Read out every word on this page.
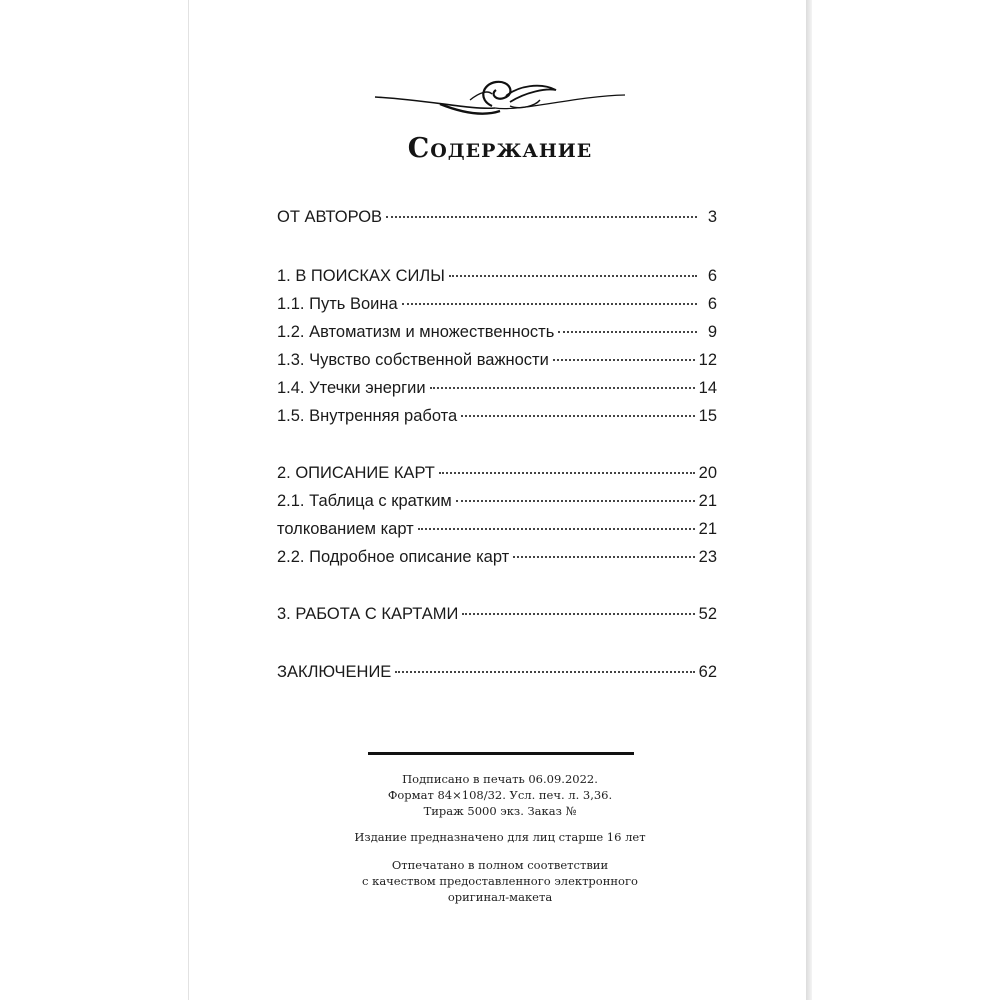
Содержание
ОТ АВТОРОВ	3
1. В ПОИСКАХ СИЛЫ	6
1.1. Путь Воина	6
1.2. Автоматизм и множественность	9
1.3. Чувство собственной важности	12
1.4. Утечки энергии	14
1.5. Внутренняя работа	15
2. ОПИСАНИЕ КАРТ	20
2.1. Таблица с кратким	21
толкованием карт	21
2.2. Подробное описание карт	23
3. РАБОТА С КАРТАМИ	52
ЗАКЛЮЧЕНИЕ	62
Подписано в печать 06.09.2022.
Формат 84×108/32. Усл. печ. л. 3,36.
Тираж 5000 экз. Заказ №
Издание предназначено для лиц старше 16 лет
Отпечатано в полном соответствии
с качеством предоставленного электронного
оригинал-макета
